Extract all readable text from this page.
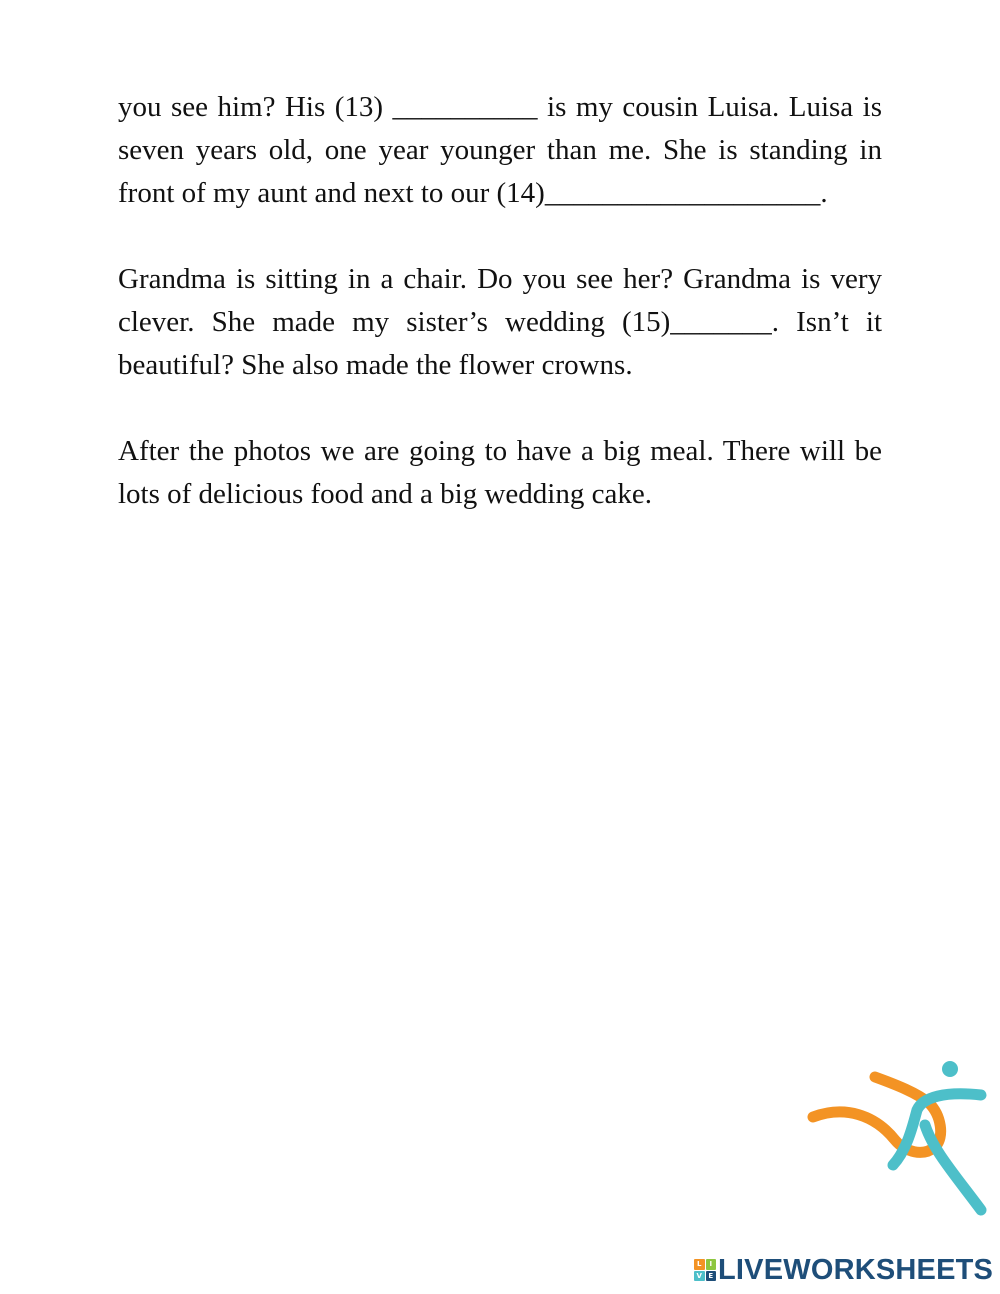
you see him? His (13) __________ is my cousin Luisa. Luisa is seven years old, one year younger than me. She is standing in front of my aunt and next to our (14)___________________.

Grandma is sitting in a chair. Do you see her? Grandma is very clever. She made my sister’s wedding (15)_______. Isn’t it beautiful? She also made the flower crowns.

After the photos we are going to have a big meal. There will be lots of delicious food and a big wedding cake.

L	I
V E LIVEWORKSHEETS
